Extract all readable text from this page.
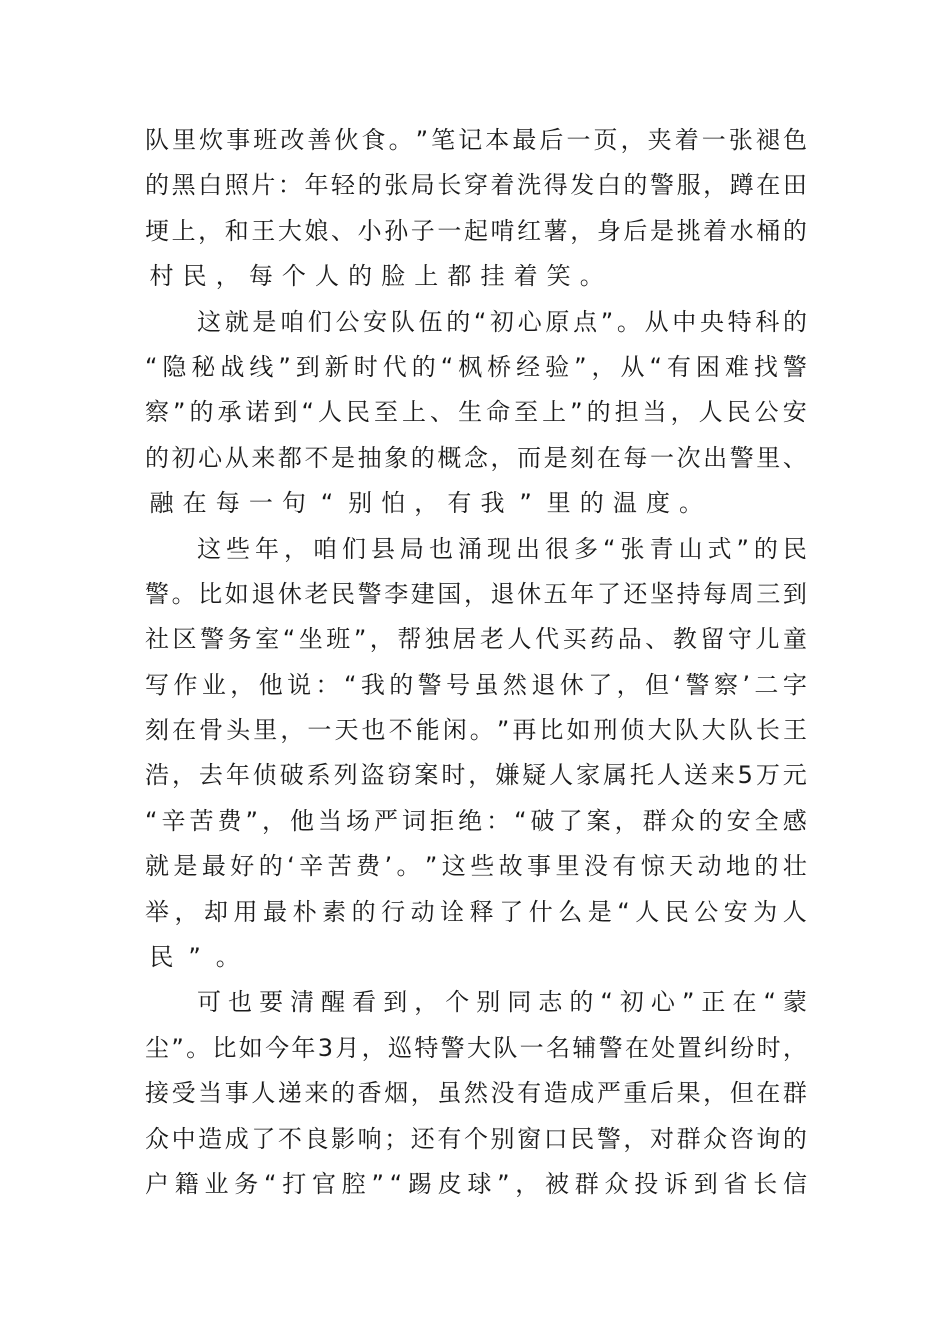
队 里 炊 事 班 改 善 伙 食 。 ” 笔 记 本 最 后 一 页 ， 夹 着 一 张 褪 色
的 黑 白 照 片 ： 年 轻 的 张 局 长 穿 着 洗 得 发 白 的 警 服 ， 蹲 在 田
埂 上 ， 和 王 大 娘 、 小 孙 子 一 起 啃 红 薯 ， 身 后 是 挑 着 水 桶 的
村 民 ， 每 个 人 的 脸 上 都 挂 着 笑 。
这 就 是 咱 们 公 安 队 伍 的 “ 初 心 原 点 ” 。 从 中 央 特 科 的
“ 隐 秘 战 线 ” 到 新 时 代 的 “ 枫 桥 经 验 ” ， 从 “ 有 困 难 找 警
察 ” 的 承 诺 到 “ 人 民 至 上 、 生 命 至 上 ” 的 担 当 ， 人 民 公 安
的 初 心 从 来 都 不 是 抽 象 的 概 念 ， 而 是 刻 在 每 一 次 出 警 里 、
融 在 每 一 句 “ 别 怕 ， 有 我 ” 里 的 温 度 。
这 些 年 ， 咱 们 县 局 也 涌 现 出 很 多 “ 张 青 山 式 ” 的 民
警 。 比 如 退 休 老 民 警 李 建 国 ， 退 休 五 年 了 还 坚 持 每 周 三 到
社 区 警 务 室 “ 坐 班 ” ， 帮 独 居 老 人 代 买 药 品 、 教 留 守 儿 童
写 作 业 ， 他 说 ： “ 我 的 警 号 虽 然 退 休 了 ， 但 ‘ 警 察 ’ 二 字
刻 在 骨 头 里 ， 一 天 也 不 能 闲 。 ” 再 比 如 刑 侦 大 队 大 队 长 王
浩 ， 去 年 侦 破 系 列 盗 窃 案 时 ， 嫌 疑 人 家 属 托 人 送 来 5 万 元
“ 辛 苦 费 ” ， 他 当 场 严 词 拒 绝 ： “ 破 了 案 ， 群 众 的 安 全 感
就 是 最 好 的 ‘ 辛 苦 费 ’ 。 ” 这 些 故 事 里 没 有 惊 天 动 地 的 壮
举 ， 却 用 最 朴 素 的 行 动 诠 释 了 什 么 是 “ 人 民 公 安 为 人
民 ” 。
可 也 要 清 醒 看 到 ， 个 别 同 志 的 “ 初 心 ” 正 在 “ 蒙
尘 ” 。 比 如 今 年 3 月 ， 巡 特 警 大 队 一 名 辅 警 在 处 置 纠 纷 时 ，
接 受 当 事 人 递 来 的 香 烟 ， 虽 然 没 有 造 成 严 重 后 果 ， 但 在 群
众 中 造 成 了 不 良 影 响 ； 还 有 个 别 窗 口 民 警 ， 对 群 众 咨 询 的
户 籍 业 务 “ 打 官 腔 ” “ 踢 皮 球 ” ， 被 群 众 投 诉 到 省 长 信
